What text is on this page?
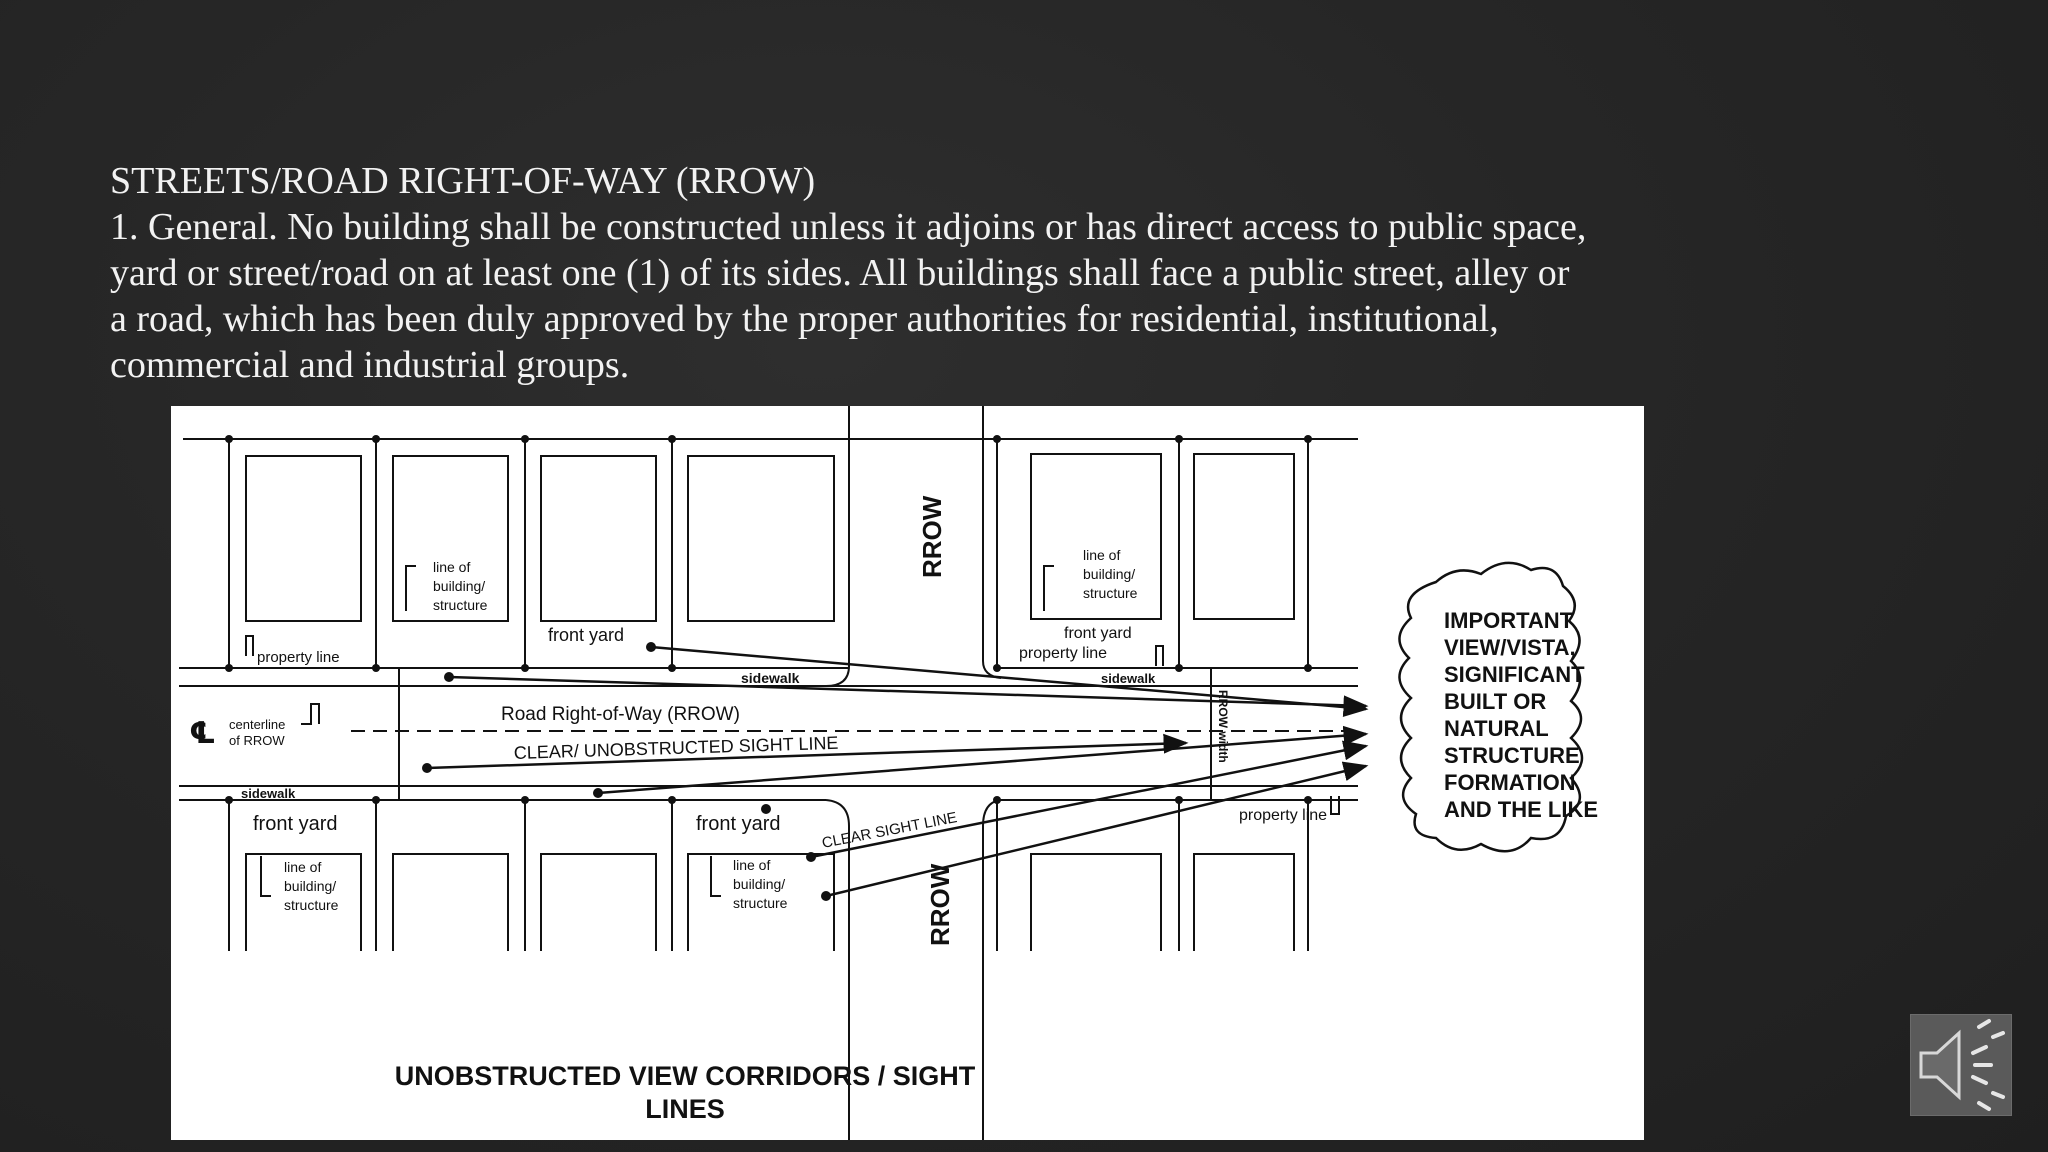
STREETS/ROAD RIGHT-OF-WAY (RROW)
1. General. No building shall be constructed unless it adjoins or has direct access to public space,
yard or street/road on at least one (1) of its sides. All buildings shall face a public street, alley or
a road, which has been duly approved by the proper authorities for residential, institutional,
commercial and industrial groups.
RROW
RROW
RROW width
line of
building/
structure
line of
building/
structure
line of
building/
structure
line of
building/
structure
front yard	front yard
front yard	front yard
property line	property line
property line
sidewalk	sidewalk
sidewalk
℄ centerline
of RROW
Road Right-of-Way (RROW)
CLEAR/ UNOBSTRUCTED SIGHT LINE
CLEAR SIGHT LINE
IMPORTANT
VIEW/VISTA,
SIGNIFICANT
BUILT OR
NATURAL
STRUCTURE
FORMATION
AND THE LIKE
UNOBSTRUCTED VIEW CORRIDORS / SIGHT
LINES
